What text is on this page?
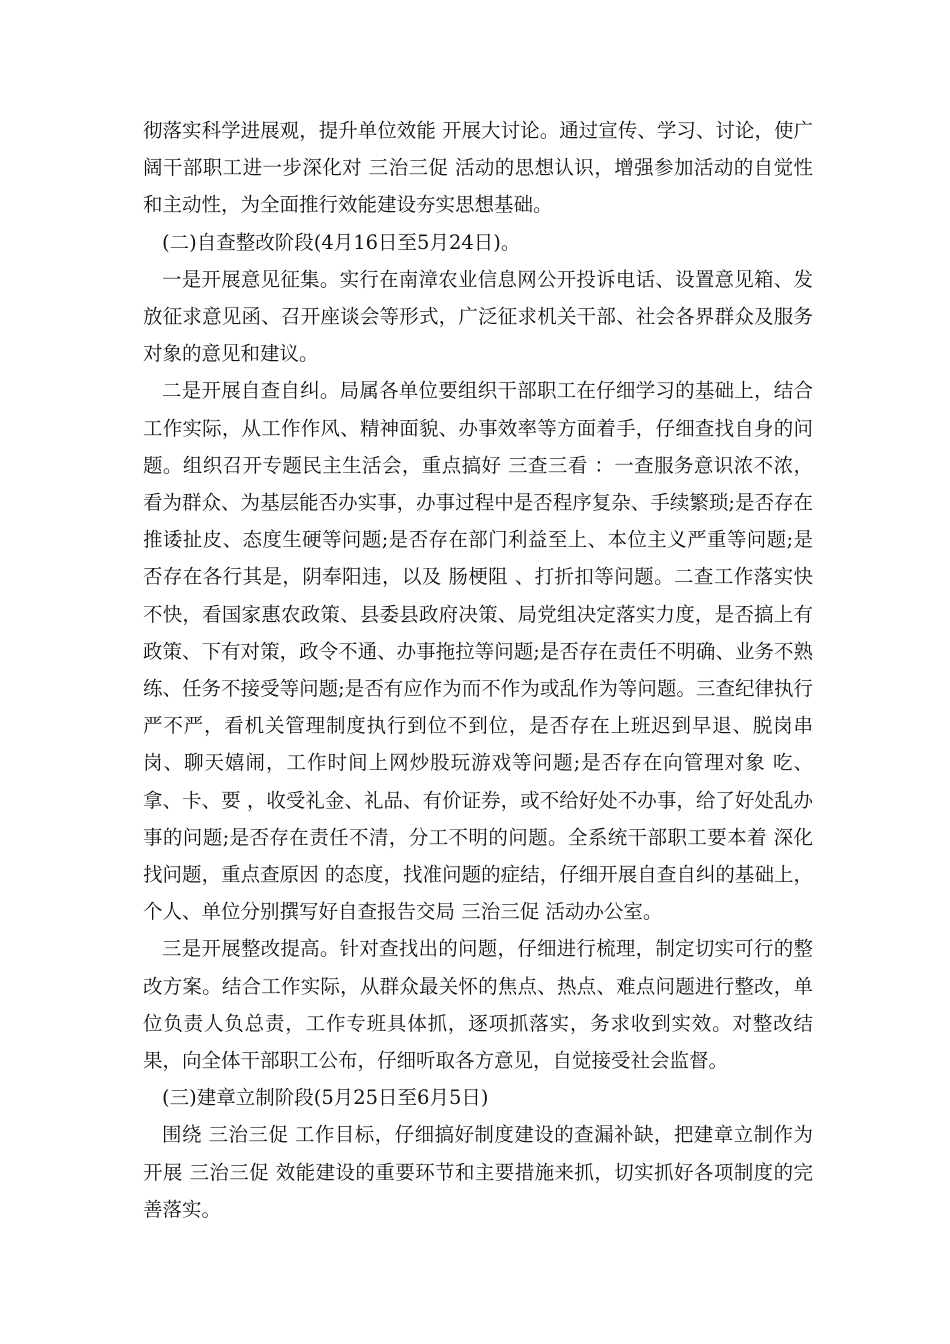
彻落实科学进展观，提升单位效能 开展大讨论。通过宣传、学习、讨论，使广阔干部职工进一步深化对 三治三促 活动的思想认识，增强参加活动的自觉性和主动性，为全面推行效能建设夯实思想基础。

(二)自查整改阶段(4月16日至5月24日)。

一是开展意见征集。实行在南漳农业信息网公开投诉电话、设置意见箱、发放征求意见函、召开座谈会等形式，广泛征求机关干部、社会各界群众及服务对象的意见和建议。

二是开展自查自纠。局属各单位要组织干部职工在仔细学习的基础上，结合工作实际，从工作作风、精神面貌、办事效率等方面着手，仔细查找自身的问题。组织召开专题民主生活会，重点搞好 三查三看 ：一查服务意识浓不浓，看为群众、为基层能否办实事，办事过程中是否程序复杂、手续繁琐;是否存在推诿扯皮、态度生硬等问题;是否存在部门利益至上、本位主义严重等问题;是否存在各行其是，阴奉阳违，以及 肠梗阻 、打折扣等问题。二查工作落实快不快，看国家惠农政策、县委县政府决策、局党组决定落实力度，是否搞上有政策、下有对策，政令不通、办事拖拉等问题;是否存在责任不明确、业务不熟练、任务不接受等问题;是否有应作为而不作为或乱作为等问题。三查纪律执行严不严，看机关管理制度执行到位不到位，是否存在上班迟到早退、脱岗串岗、聊天嬉闹，工作时间上网炒股玩游戏等问题;是否存在向管理对象 吃、拿、卡、要 ，收受礼金、礼品、有价证券，或不给好处不办事，给了好处乱办事的问题;是否存在责任不清，分工不明的问题。全系统干部职工要本着 深化找问题，重点查原因 的态度，找准问题的症结，仔细开展自查自纠的基础上，个人、单位分别撰写好自查报告交局 三治三促 活动办公室。

三是开展整改提高。针对查找出的问题，仔细进行梳理，制定切实可行的整改方案。结合工作实际，从群众最关怀的焦点、热点、难点问题进行整改，单位负责人负总责，工作专班具体抓，逐项抓落实，务求收到实效。对整改结果，向全体干部职工公布，仔细听取各方意见，自觉接受社会监督。

(三)建章立制阶段(5月25日至6月5日)

围绕 三治三促 工作目标，仔细搞好制度建设的查漏补缺，把建章立制作为开展 三治三促 效能建设的重要环节和主要措施来抓，切实抓好各项制度的完善落实。
